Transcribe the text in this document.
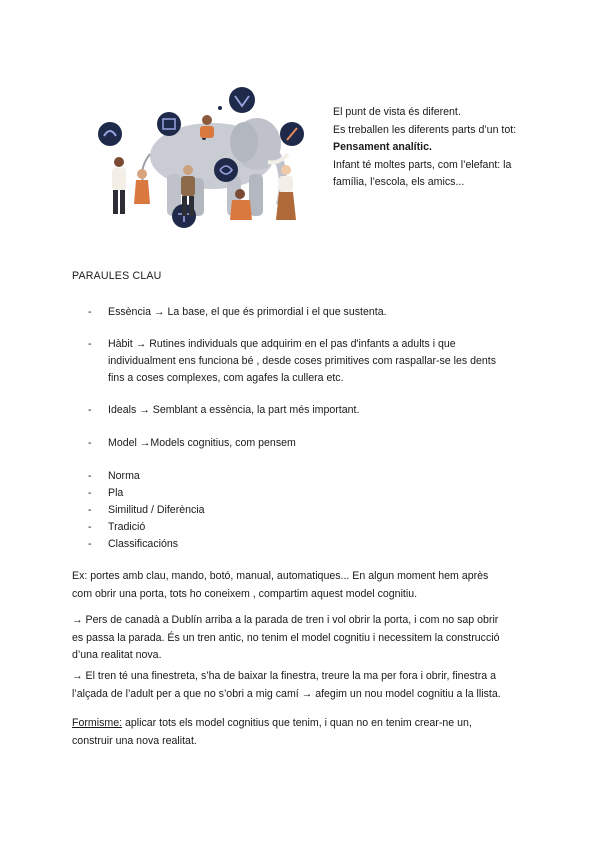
El punt de vista és diferent.
Es treballen les diferents parts d’un tot:
Pensament analític.
Infant té moltes parts, com l’elefant: la
família, l’escola, els amics...
PARAULES CLAU
- Essència → La base, el que és primordial i el que sustenta.
- Hàbit → Rutines individuals que adquirim en el pas d'infants a adults i que
individualment ens funciona bé , desde coses primitives com raspallar-se les dents
fins a coses complexes, com agafes la cullera etc.
- Ideals → Semblant a essència, la part més important.
- Model →Models cognitius, com pensem
- Norma
- Pla
- Similitud / Diferència
- Tradició
- Classificacións
Ex: portes amb clau, mando, botó, manual, automatiques... En algun moment hem après
com obrir una porta, tots ho coneixem , compartim aquest model cognitiu.
→ Pers de canadà a Dublín arriba a la parada de tren i vol obrir la porta, i com no sap obrir
es passa la parada. És un tren antic, no tenim el model cognitiu i necessitem la construcció
d’una realitat nova.
→ El tren té una finestreta, s’ha de baixar la finestra, treure la ma per fora i obrir, finestra a
l’alçada de l’adult per a que no s’obri a mig camí → afegim un nou model cognitiu a la llista.
Formisme: aplicar tots els model cognitius que tenim, i quan no en tenim crear-ne un,
construir una nova realitat.
